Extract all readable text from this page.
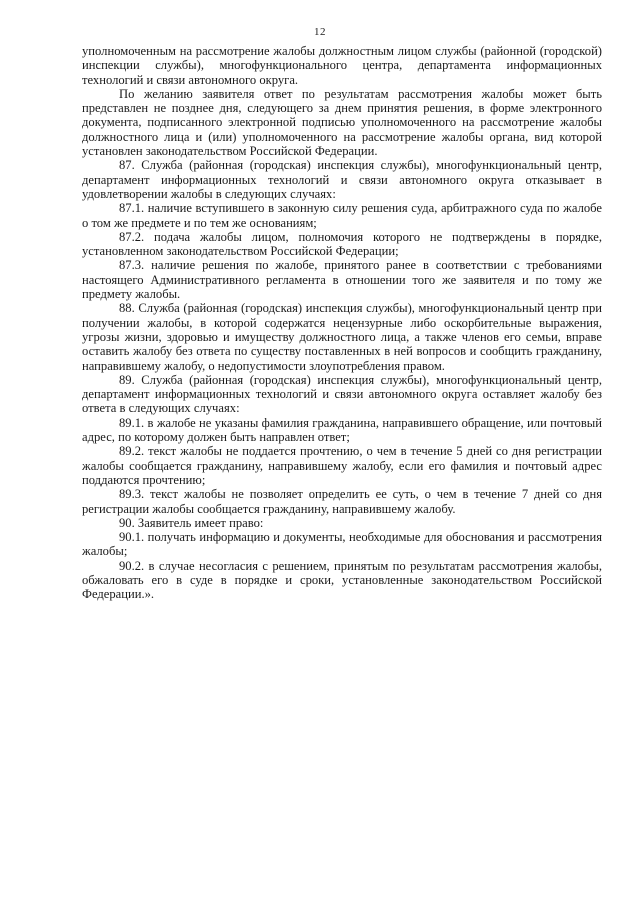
12

уполномоченным на рассмотрение жалобы должностным лицом службы (районной (городской) инспекции службы), многофункционального центра, департамента информационных технологий и связи автономного округа.

По желанию заявителя ответ по результатам рассмотрения жалобы может быть представлен не позднее дня, следующего за днем принятия решения, в форме электронного документа, подписанного электронной подписью уполномоченного на рассмотрение жалобы должностного лица и (или) уполномоченного на рассмотрение жалобы органа, вид которой установлен законодательством Российской Федерации.

87. Служба (районная (городская) инспекция службы), многофункциональный центр, департамент информационных технологий и связи автономного округа отказывает в удовлетворении жалобы в следующих случаях:

87.1. наличие вступившего в законную силу решения суда, арбитражного суда по жалобе о том же предмете и по тем же основаниям;

87.2. подача жалобы лицом, полномочия которого не подтверждены в порядке, установленном законодательством Российской Федерации;

87.3. наличие решения по жалобе, принятого ранее в соответствии с требованиями настоящего Административного регламента в отношении того же заявителя и по тому же предмету жалобы.

88. Служба (районная (городская) инспекция службы), многофункциональный центр при получении жалобы, в которой содержатся нецензурные либо оскорбительные выражения, угрозы жизни, здоровью и имуществу должностного лица, а также членов его семьи, вправе оставить жалобу без ответа по существу поставленных в ней вопросов и сообщить гражданину, направившему жалобу, о недопустимости злоупотребления правом.

89. Служба (районная (городская) инспекция службы), многофункциональный центр, департамент информационных технологий и связи автономного округа оставляет жалобу без ответа в следующих случаях:

89.1. в жалобе не указаны фамилия гражданина, направившего обращение, или почтовый адрес, по которому должен быть направлен ответ;

89.2. текст жалобы не поддается прочтению, о чем в течение 5 дней со дня регистрации жалобы сообщается гражданину, направившему жалобу, если его фамилия и почтовый адрес поддаются прочтению;

89.3. текст жалобы не позволяет определить ее суть, о чем в течение 7 дней со дня регистрации жалобы сообщается гражданину, направившему жалобу.

90. Заявитель имеет право:

90.1. получать информацию и документы, необходимые для обоснования и рассмотрения жалобы;

90.2. в случае несогласия с решением, принятым по результатам рассмотрения жалобы, обжаловать его в суде в порядке и сроки, установленные законодательством Российской Федерации.».
